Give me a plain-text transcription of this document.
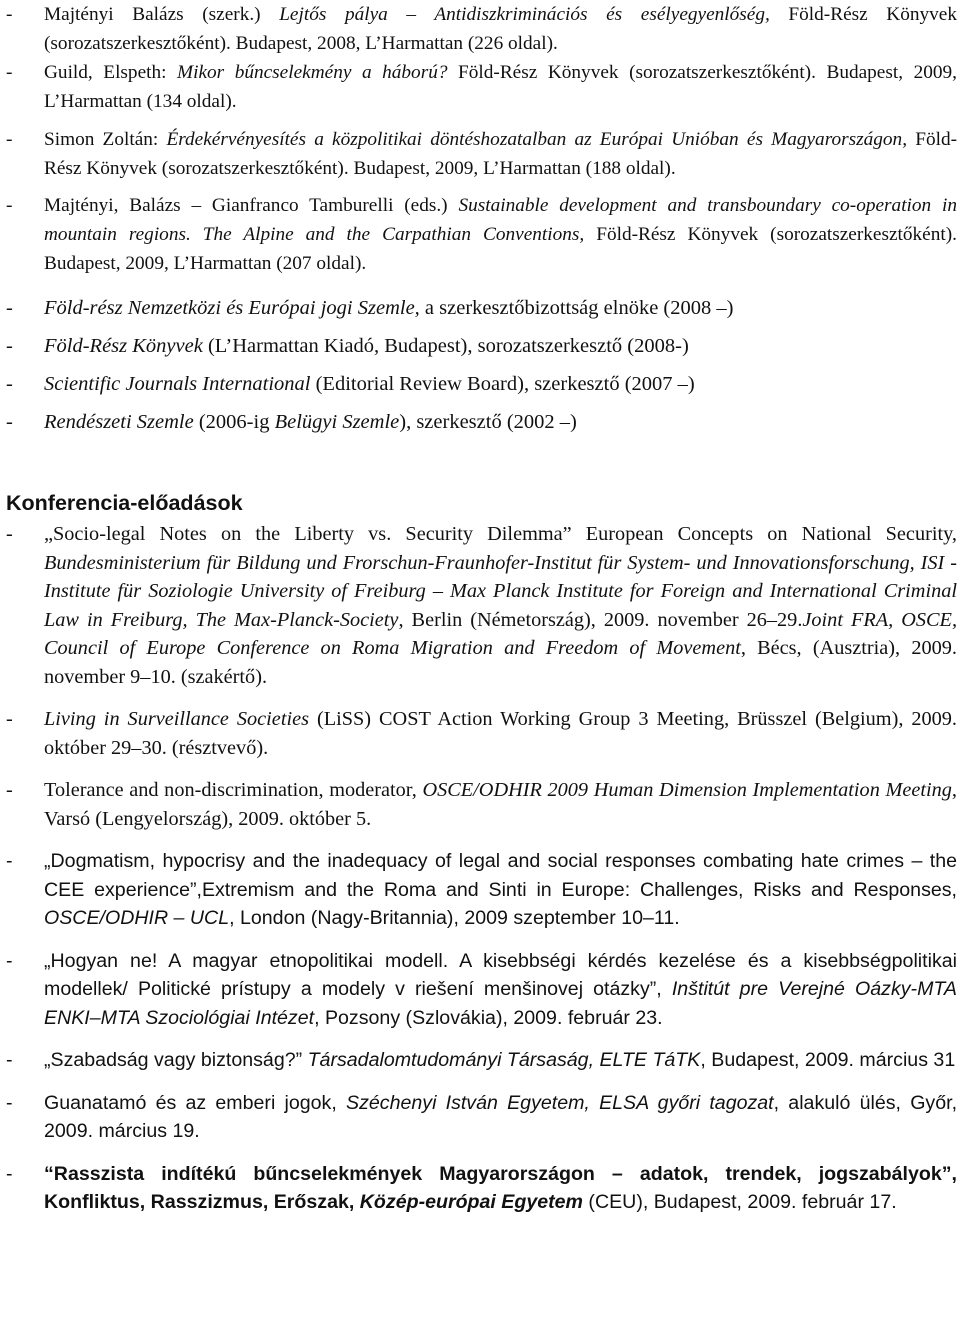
- Majtényi Balázs (szerk.) Lejtős pálya – Antidiszkriminációs és esélyegyenlőség, Föld-Rész Könyvek (sorozatszerkesztőként). Budapest, 2008, L’Harmattan (226 oldal).
- Guild, Elspeth: Mikor bűncselekmény a háború? Föld-Rész Könyvek (sorozatszerkesztőként). Budapest, 2009, L’Harmattan (134 oldal).
- Simon Zoltán: Érdekérvényesítés a közpolitikai döntéshozatalban az Európai Unióban és Magyarországon, Föld-Rész Könyvek (sorozatszerkesztőként). Budapest, 2009, L’Harmattan (188 oldal).
- Majtényi, Balázs – Gianfranco Tamburelli (eds.) Sustainable development and transboundary co-operation in mountain regions. The Alpine and the Carpathian Conventions, Föld-Rész Könyvek (sorozatszerkesztőként). Budapest, 2009, L’Harmattan (207 oldal).
- Föld-rész Nemzetközi és Európai jogi Szemle, a szerkesztőbizottság elnöke (2008 –)
- Föld-Rész Könyvek (L’Harmattan Kiadó, Budapest), sorozatszerkesztő (2008-)
- Scientific Journals International (Editorial Review Board), szerkesztő (2007 –)
- Rendészeti Szemle (2006-ig Belügyi Szemle), szerkesztő (2002 –)
Konferencia-előadások
- „Socio-legal Notes on the Liberty vs. Security Dilemma” European Concepts on National Security, Bundesministerium für Bildung und Frorschun-Fraunhofer-Institut für System- und Innovationsforschung, ISI -Institute für Soziologie University of Freiburg – Max Planck Institute for Foreign and International Criminal Law in Freiburg, The Max-Planck-Society, Berlin (Németország), 2009. november 26–29.Joint FRA, OSCE, Council of Europe Conference on Roma Migration and Freedom of Movement, Bécs, (Ausztria), 2009. november 9–10. (szakértő).
- Living in Surveillance Societies (LiSS) COST Action Working Group 3 Meeting, Brüsszel (Belgium), 2009. október 29–30. (résztvevő).
- Tolerance and non-discrimination, moderator, OSCE/ODHIR 2009 Human Dimension Implementation Meeting, Varsó (Lengyelország), 2009. október 5.
- „Dogmatism, hypocrisy and the inadequacy of legal and social responses combating hate crimes – the CEE experience”,Extremism and the Roma and Sinti in Europe: Challenges, Risks and Responses, OSCE/ODHIR – UCL, London (Nagy-Britannia), 2009 szeptember 10–11.
- „Hogyan ne! A magyar etnopolitikai modell. A kisebbségi kérdés kezelése és a kisebbségpolitikai modellek/ Politické prístupy a modely v riešení menšinovej otázky”, Inštitút pre Verejné Oázky-MTA ENKI–MTA Szociológiai Intézet, Pozsony (Szlovákia), 2009. február 23.
- „Szabadság vagy biztonság?” Társadalomtudományi Társaság, ELTE TáTK, Budapest, 2009. március 31
- Guanatamó és az emberi jogok, Széchenyi István Egyetem, ELSA győri tagozat, alakuló ülés, Győr, 2009. március 19.
- “Rasszista indítékú bűncselekmények Magyarországon – adatok, trendek, jogszabályok”, Konfliktus, Rasszizmus, Erőszak, Közép-európai Egyetem (CEU), Budapest, 2009. február 17.
